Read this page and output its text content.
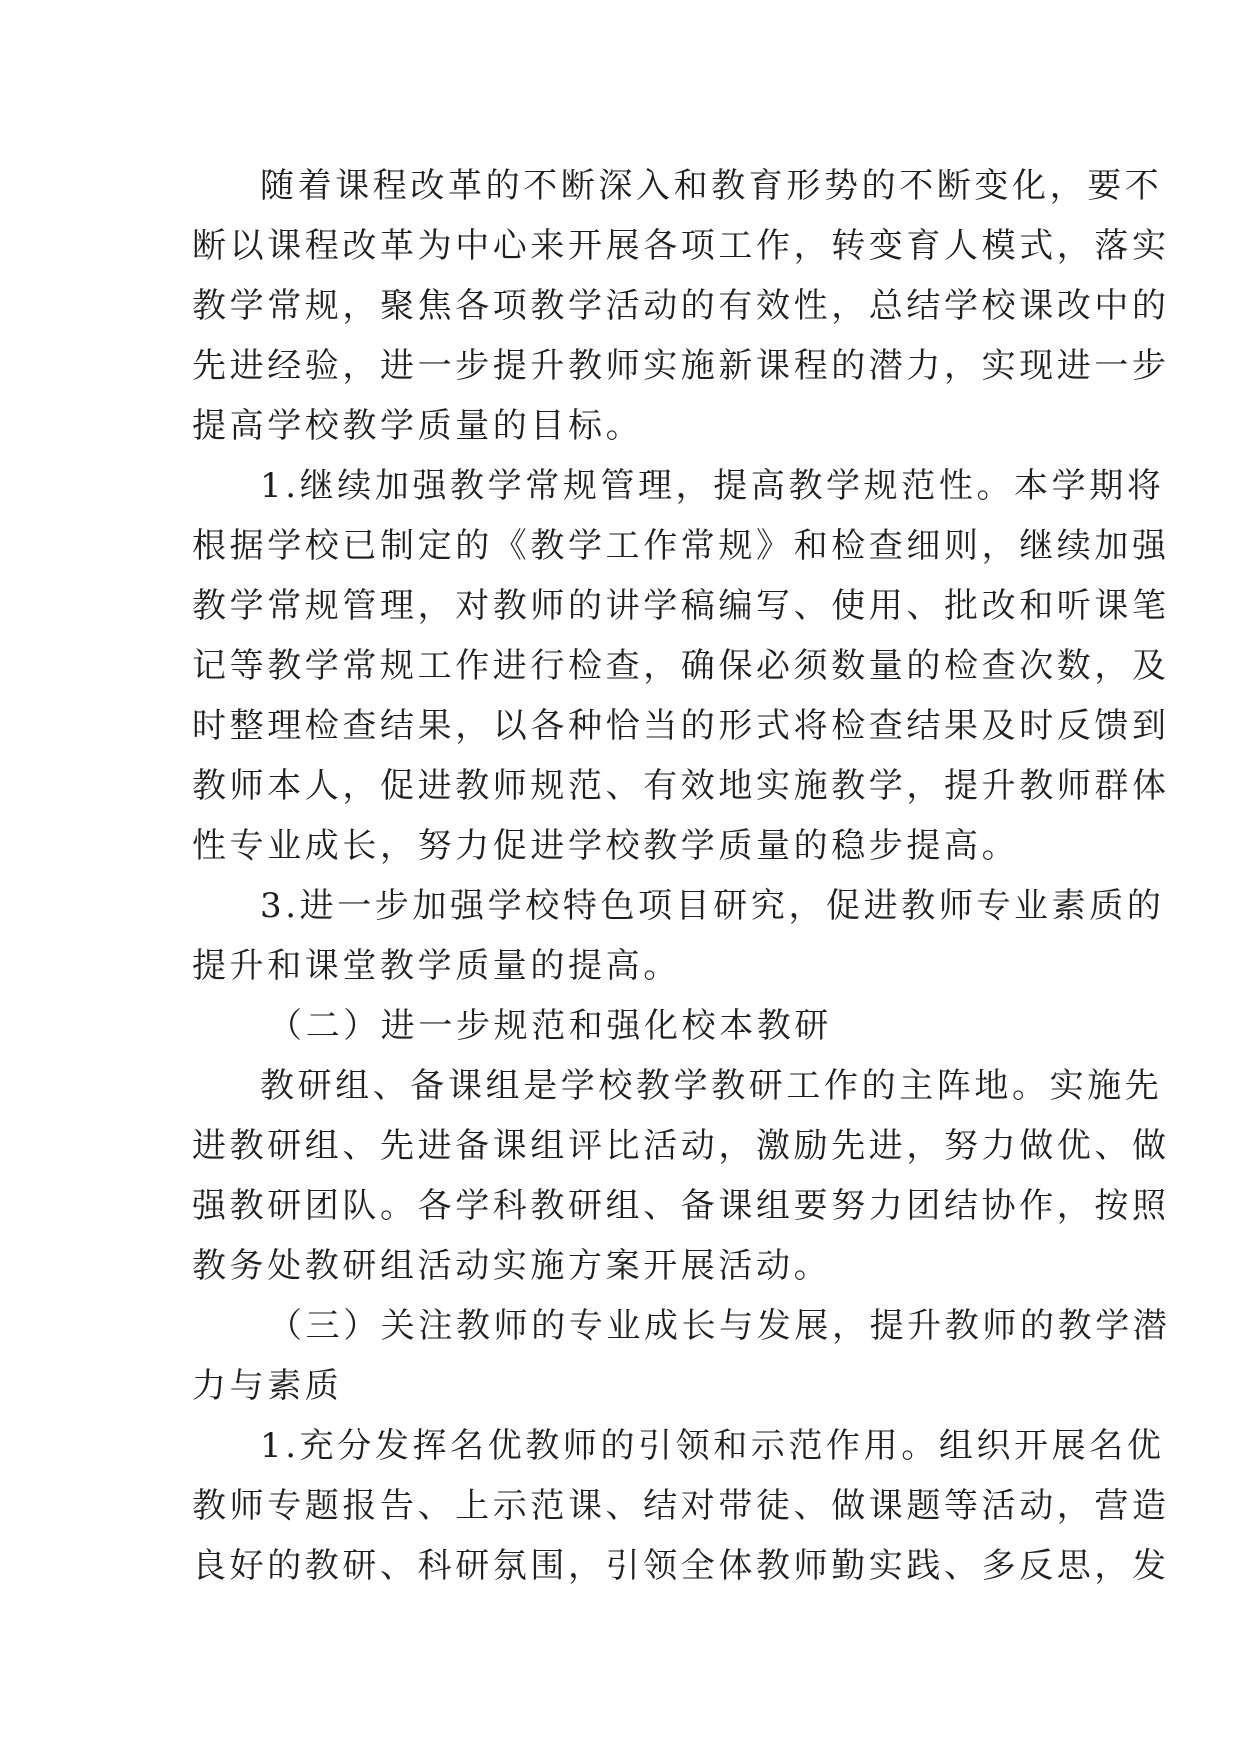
随着课程改革的不断深入和教育形势的不断变化，要不
断以课程改革为中心来开展各项工作，转变育人模式，落实
教学常规，聚焦各项教学活动的有效性，总结学校课改中的
先进经验，进一步提升教师实施新课程的潜力，实现进一步
提高学校教学质量的目标。

1.继续加强教学常规管理，提高教学规范性。本学期将
根据学校已制定的《教学工作常规》和检查细则，继续加强
教学常规管理，对教师的讲学稿编写、使用、批改和听课笔
记等教学常规工作进行检查，确保必须数量的检查次数，及
时整理检查结果，以各种恰当的形式将检查结果及时反馈到
教师本人，促进教师规范、有效地实施教学，提升教师群体
性专业成长，努力促进学校教学质量的稳步提高。

3.进一步加强学校特色项目研究，促进教师专业素质的
提升和课堂教学质量的提高。

（二）进一步规范和强化校本教研

教研组、备课组是学校教学教研工作的主阵地。实施先
进教研组、先进备课组评比活动，激励先进，努力做优、做
强教研团队。各学科教研组、备课组要努力团结协作，按照
教务处教研组活动实施方案开展活动。

（三）关注教师的专业成长与发展，提升教师的教学潜
力与素质

1.充分发挥名优教师的引领和示范作用。组织开展名优
教师专题报告、上示范课、结对带徒、做课题等活动，营造
良好的教研、科研氛围，引领全体教师勤实践、多反思，发
